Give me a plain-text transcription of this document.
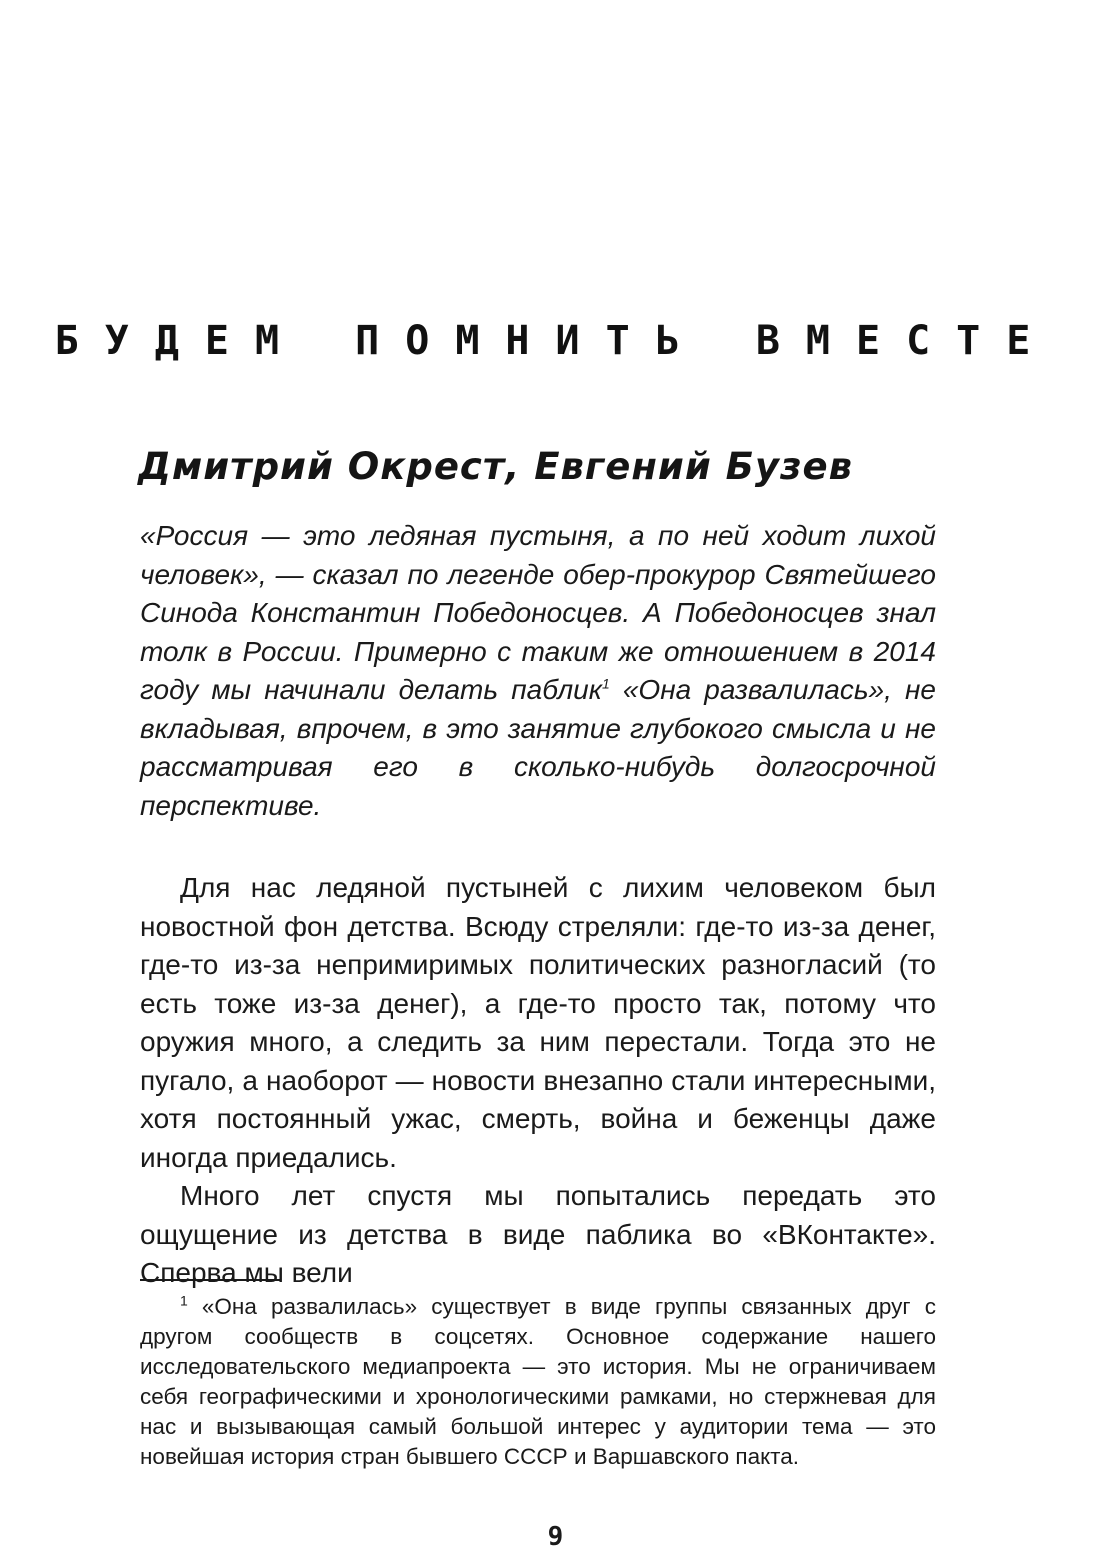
БУДЕМ ПОМНИТЬ ВМЕСТЕ
Дмитрий Окрест, Евгений Бузев
«Россия — это ледяная пустыня, а по ней ходит лихой человек», — сказал по легенде обер-прокурор Святейшего Синода Константин Победоносцев. А Победоносцев знал толк в России. Примерно с таким же отношением в 2014 году мы начинали делать паблик$^1$ «Она развалилась», не вкладывая, впрочем, в это занятие глубокого смысла и не рассматривая его в сколько-нибудь долгосрочной перспективе.

Для нас ледяной пустыней с лихим человеком был новостной фон детства. Всюду стреляли: где-то из-за денег, где-то из-за непримиримых политических разногласий (то есть тоже из-за денег), а где-то просто так, потому что оружия много, а следить за ним перестали. Тогда это не пугало, а наоборот — новости внезапно стали интересными, хотя постоянный ужас, смерть, война и беженцы даже иногда приедались.

Много лет спустя мы попытались передать это ощущение из детства в виде паблика во «ВКонтакте». Сперва мы вели

$^1$ «Она развалилась» существует в виде группы связанных друг с другом сообществ в соцсетях. Основное содержание нашего исследовательского медиапроекта — это история. Мы не ограничиваем себя географическими и хронологическими рамками, но стержневая для нас и вызывающая самый большой интерес у аудитории тема — это новейшая история стран бывшего СССР и Варшавского пакта.
9
